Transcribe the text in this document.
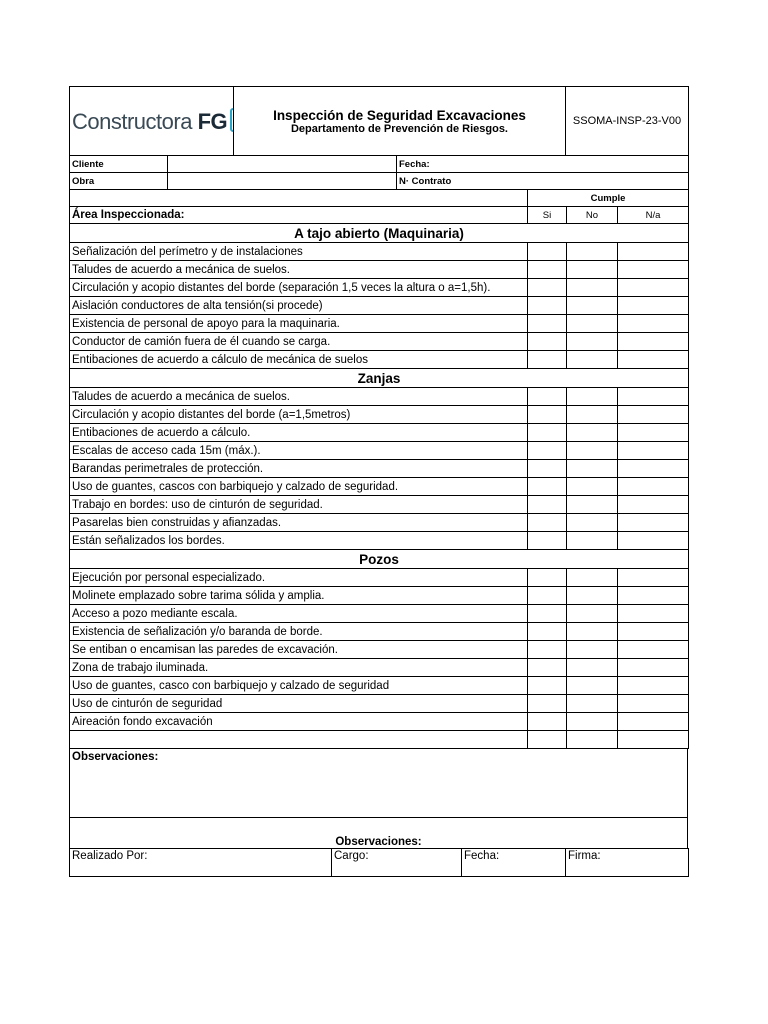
Constructora FG	Inspección de Seguridad Excavaciones
Departamento de Prevención de Riesgos.
	SSOMA-INSP-23-V00
Cliente		Fecha:			
Obra		N· Contrato			
			Cumple		
Área Inspeccionada:			Si	No	N/a
A tajo abierto (Maquinaria)			
Señalización del perímetro y de instalaciones			
Taludes de acuerdo a mecánica de suelos.			
Circulación y acopio distantes del borde (separación 1,5 veces la altura o a=1,5h).			
Aislación conductores de alta tensión(si procede)			
Existencia de personal de apoyo para la maquinaria.			
Conductor de camión fuera de él cuando se carga.			
Entibaciones de acuerdo a cálculo de mecánica de suelos			
Zanjas			
Taludes de acuerdo a mecánica de suelos.			
Circulación y acopio distantes del borde (a=1,5metros)			
Entibaciones de acuerdo a cálculo.			
Escalas de acceso cada 15m (máx.).			
Barandas perimetrales de protección.			
Uso de guantes, cascos con barbiquejo y calzado de seguridad.			
Trabajo en bordes: uso de cinturón de seguridad.			
Pasarelas bien construidas y afianzadas.			
Están señalizados los bordes.			
Pozos			
Ejecución por personal especializado.			
Molinete emplazado sobre tarima sólida y amplia.			
Acceso a pozo mediante escala.			
Existencia de señalización y/o baranda de borde.			
Se entiban o encamisan las paredes de excavación.			
Zona de trabajo iluminada.			
Uso de guantes, casco con barbiquejo y calzado de seguridad			
Uso de cinturón de seguridad			
Aireación fondo excavación			

Observaciones:
Observaciones:
Realizado Por:	Cargo:	Fecha:	Firma:
